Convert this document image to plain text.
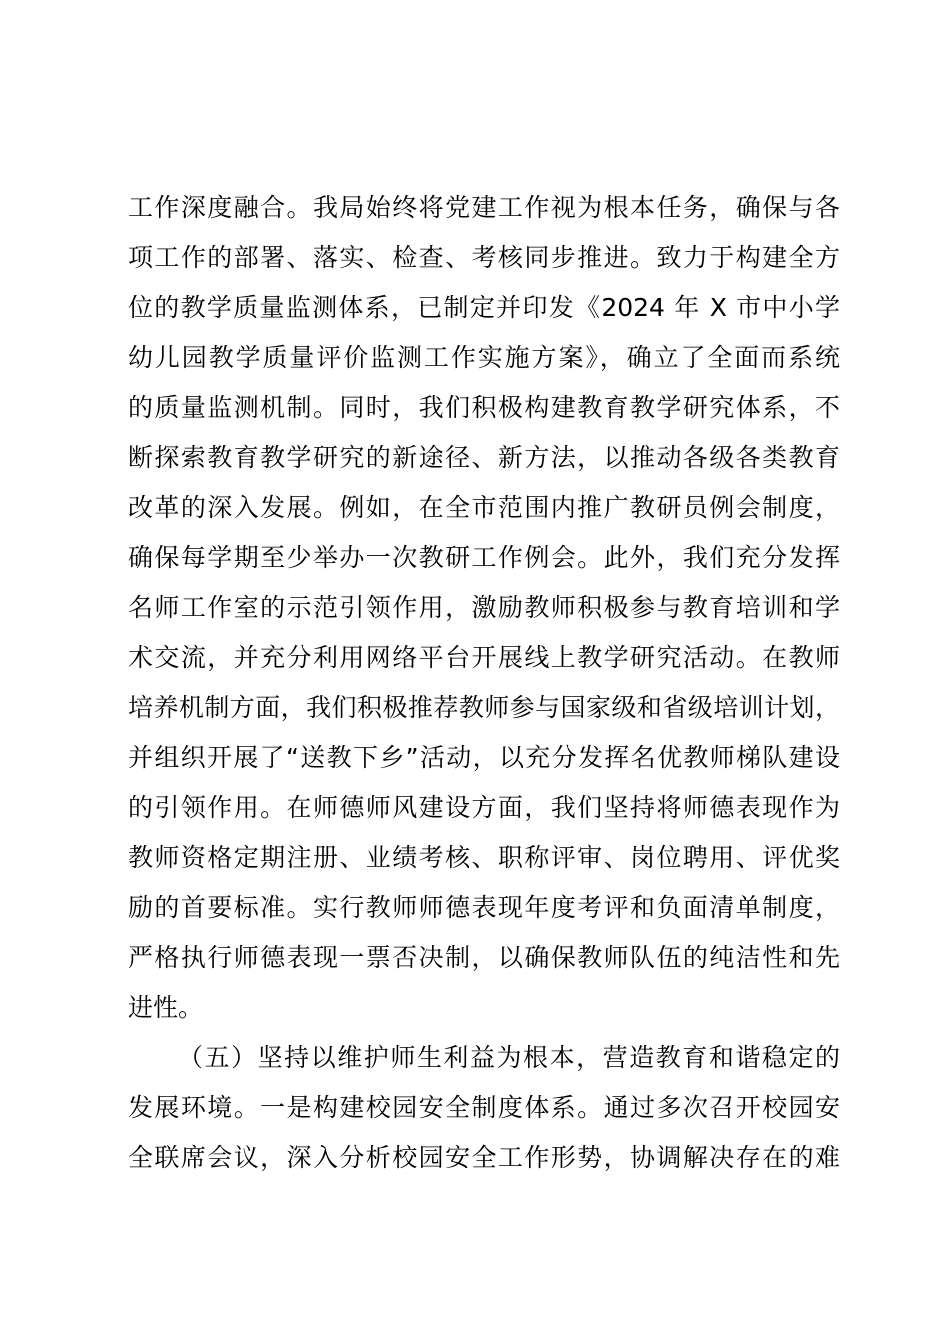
工作深度融合。我局始终将党建工作视为根本任务，确保与各
项工作的部署、落实、检查、考核同步推进。致力于构建全方
位的教学质量监测体系，已制定并印发《2024 年 X 市中小学
幼儿园教学质量评价监测工作实施方案》，确立了全面而系统
的质量监测机制。同时，我们积极构建教育教学研究体系，不
断探索教育教学研究的新途径、新方法，以推动各级各类教育
改革的深入发展。例如，在全市范围内推广教研员例会制度，
确保每学期至少举办一次教研工作例会。此外，我们充分发挥
名师工作室的示范引领作用，激励教师积极参与教育培训和学
术交流，并充分利用网络平台开展线上教学研究活动。在教师
培养机制方面，我们积极推荐教师参与国家级和省级培训计划，
并组织开展了“送教下乡”活动，以充分发挥名优教师梯队建设
的引领作用。在师德师风建设方面，我们坚持将师德表现作为
教师资格定期注册、业绩考核、职称评审、岗位聘用、评优奖
励的首要标准。实行教师师德表现年度考评和负面清单制度，
严格执行师德表现一票否决制，以确保教师队伍的纯洁性和先
进性。
（五）坚持以维护师生利益为根本，营造教育和谐稳定的
发展环境。一是构建校园安全制度体系。通过多次召开校园安
全联席会议，深入分析校园安全工作形势，协调解决存在的难
